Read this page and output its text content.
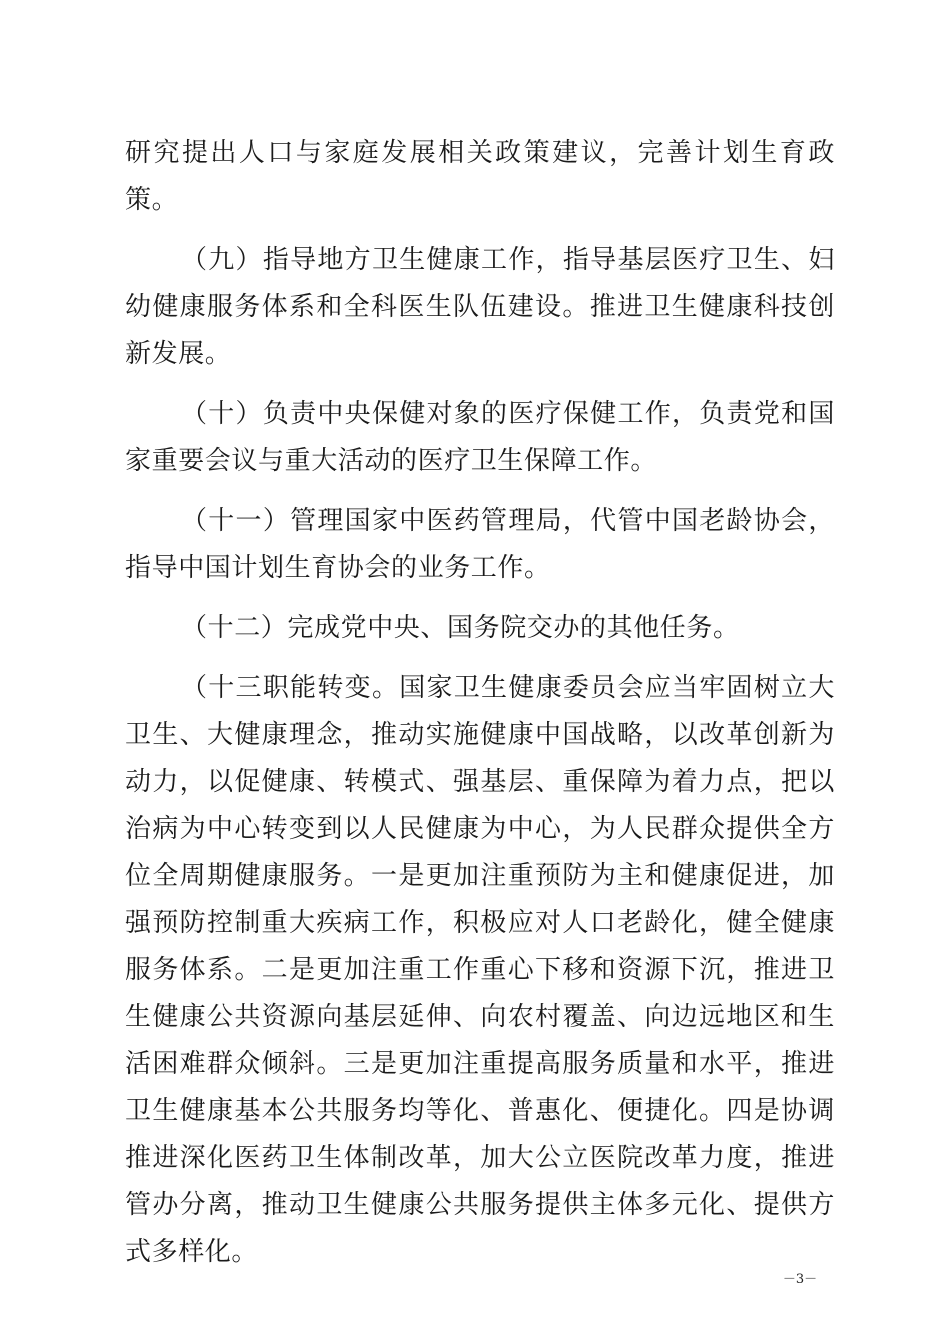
研究提出人口与家庭发展相关政策建议，完善计划生育政策。

（九）指导地方卫生健康工作，指导基层医疗卫生、妇幼健康服务体系和全科医生队伍建设。推进卫生健康科技创新发展。

（十）负责中央保健对象的医疗保健工作，负责党和国家重要会议与重大活动的医疗卫生保障工作。

（十一）管理国家中医药管理局，代管中国老龄协会，指导中国计划生育协会的业务工作。

（十二）完成党中央、国务院交办的其他任务。

（十三职能转变。国家卫生健康委员会应当牢固树立大卫生、大健康理念，推动实施健康中国战略，以改革创新为动力，以促健康、转模式、强基层、重保障为着力点，把以治病为中心转变到以人民健康为中心，为人民群众提供全方位全周期健康服务。一是更加注重预防为主和健康促进，加强预防控制重大疾病工作，积极应对人口老龄化，健全健康服务体系。二是更加注重工作重心下移和资源下沉，推进卫生健康公共资源向基层延伸、向农村覆盖、向边远地区和生活困难群众倾斜。三是更加注重提高服务质量和水平，推进卫生健康基本公共服务均等化、普惠化、便捷化。四是协调推进深化医药卫生体制改革，加大公立医院改革力度，推进管办分离，推动卫生健康公共服务提供主体多元化、提供方式多样化。

－3－
